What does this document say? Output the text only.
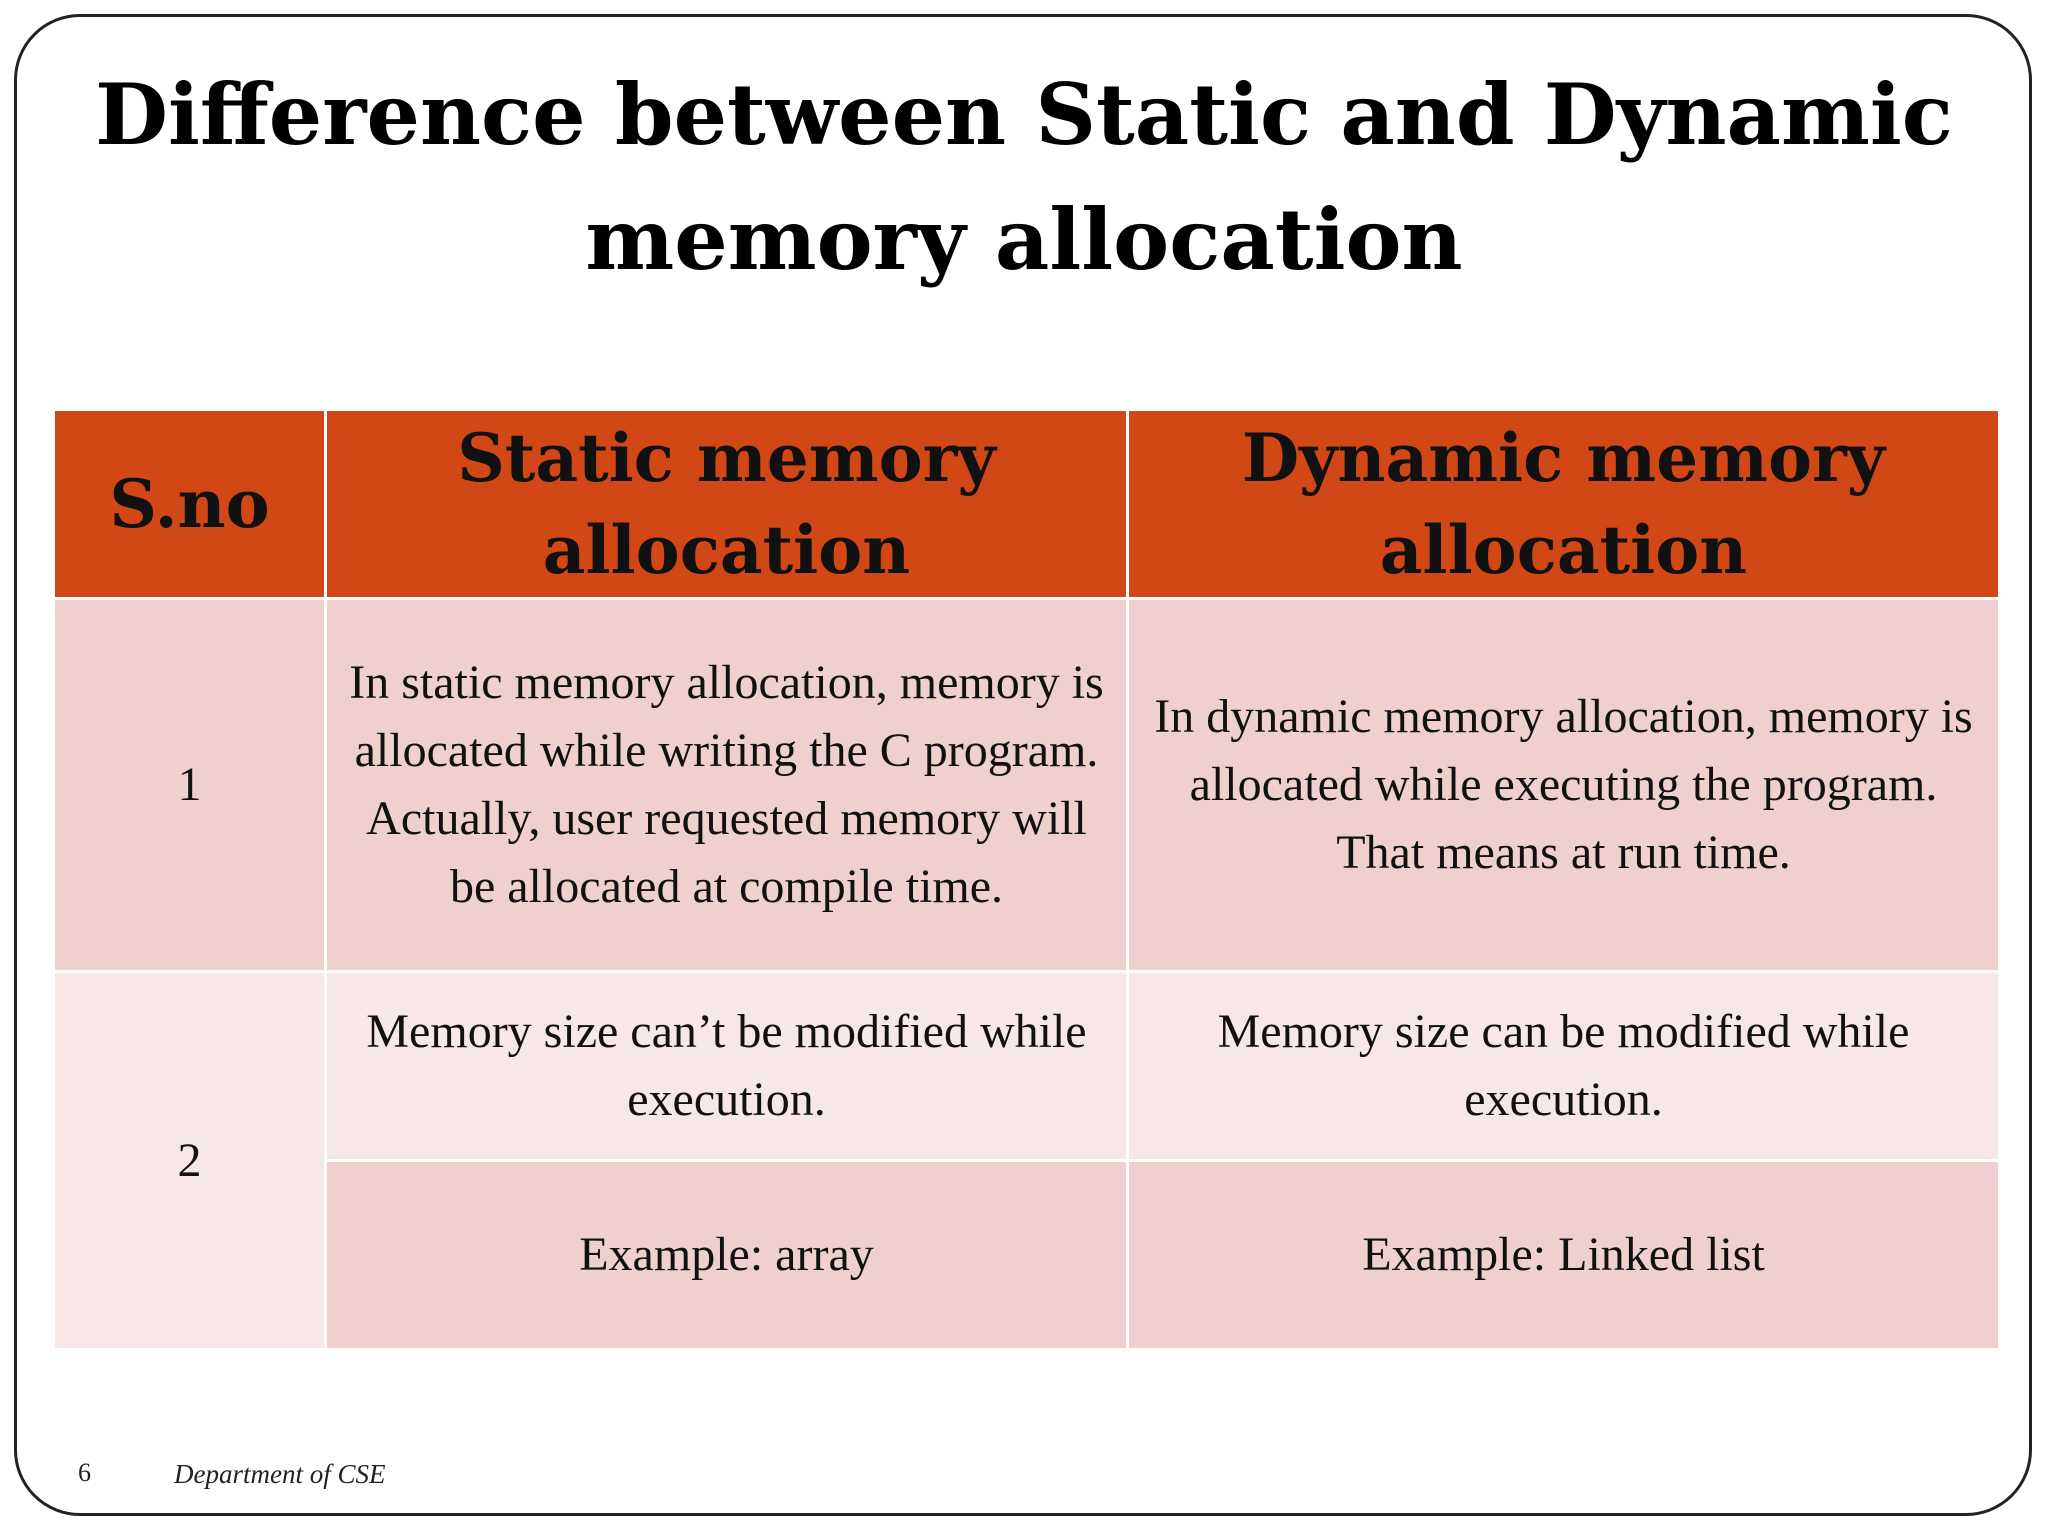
Difference between Static and Dynamic memory allocation
S.no	Static memory allocation	Dynamic memory allocation
1	In static memory allocation, memory is allocated while writing the C program. Actually, user requested memory will be allocated at compile time.	In dynamic memory allocation, memory is allocated while executing the program. That means at run time.
2	Memory size can’t be modified while execution.	Memory size can be modified while execution.
	Example: array	Example: Linked list
6	Department of CSE
